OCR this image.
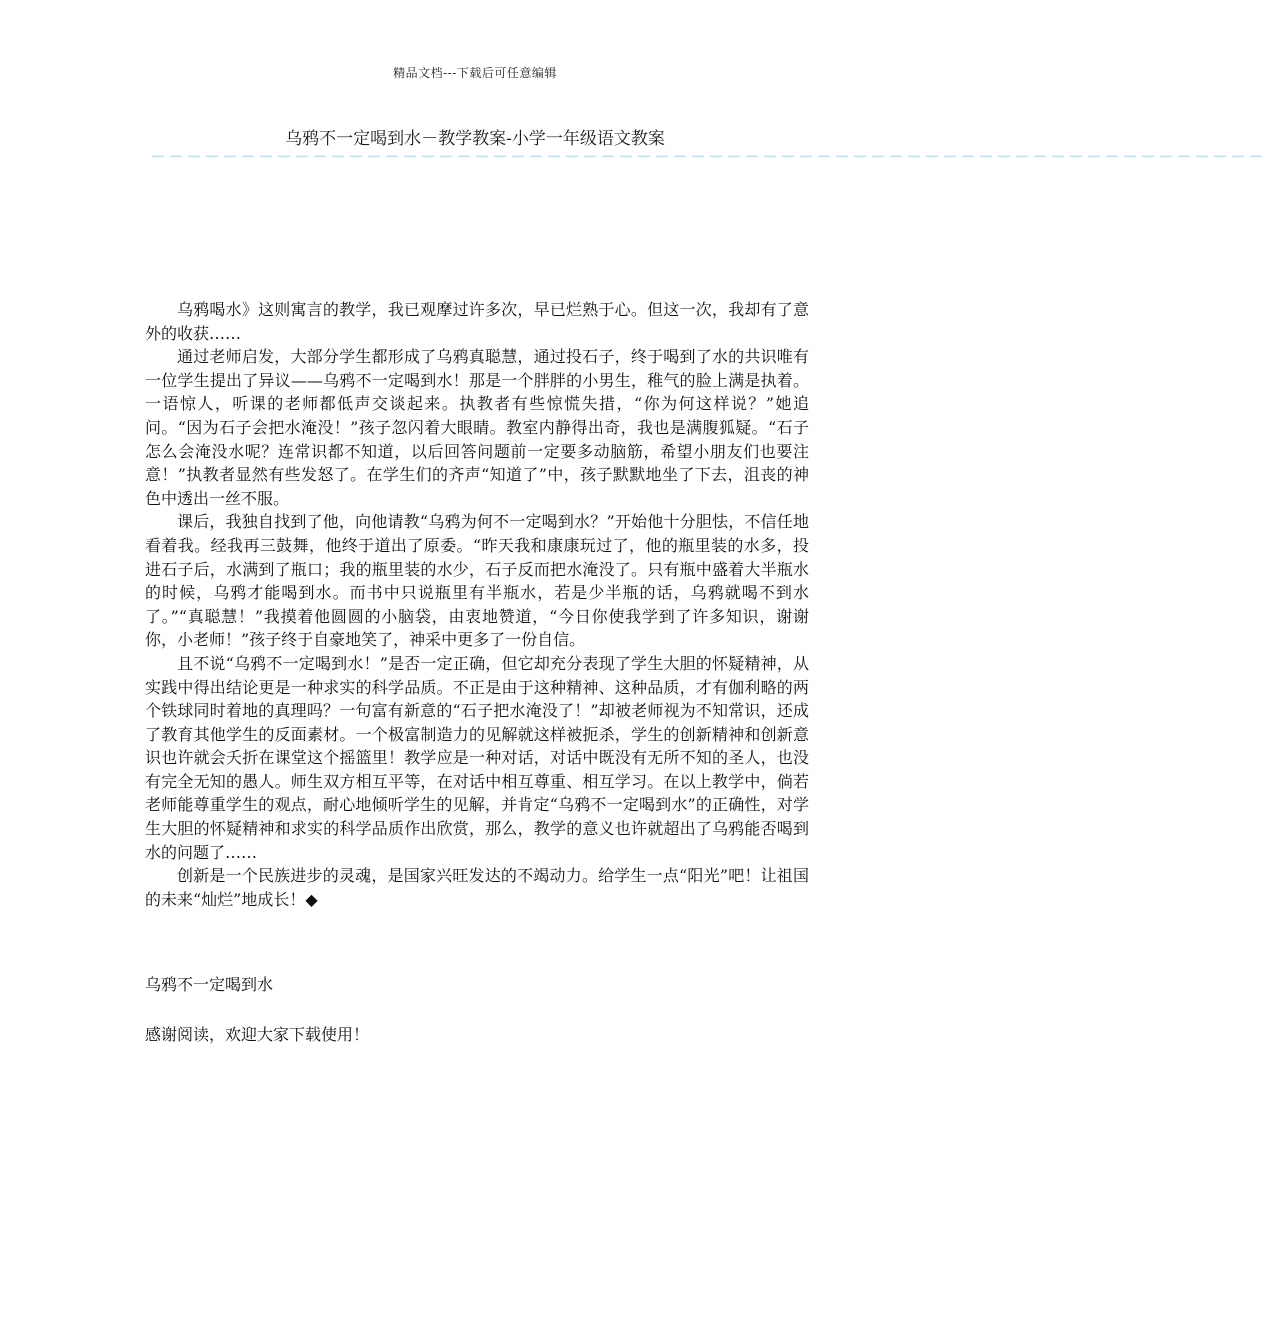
精品文档---下载后可任意编辑
乌鸦不一定喝到水－教学教案-小学一年级语文教案
－－－－－－－－－－－－－－－－－－－－－－－－－－－－－－－－－－－－－－－－－－－－－－－－－－－－－－－－－－－－－－

乌鸦喝水》这则寓言的教学，我已观摩过许多次，早已烂熟于心。但这一次，我却有了意外的收获……

通过老师启发，大部分学生都形成了乌鸦真聪慧，通过投石子，终于喝到了水的共识唯有一位学生提出了异议——乌鸦不一定喝到水！那是一个胖胖的小男生，稚气的脸上满是执着。一语惊人，听课的老师都低声交谈起来。执教者有些惊慌失措，“你为何这样说？”她追问。“因为石子会把水淹没！”孩子忽闪着大眼睛。教室内静得出奇，我也是满腹狐疑。“石子怎么会淹没水呢？连常识都不知道，以后回答问题前一定要多动脑筋，希望小朋友们也要注意！”执教者显然有些发怒了。在学生们的齐声“知道了”中，孩子默默地坐了下去，沮丧的神色中透出一丝不服。

课后，我独自找到了他，向他请教“乌鸦为何不一定喝到水？”开始他十分胆怯，不信任地看着我。经我再三鼓舞，他终于道出了原委。“昨天我和康康玩过了，他的瓶里装的水多，投进石子后，水满到了瓶口；我的瓶里装的水少，石子反而把水淹没了。只有瓶中盛着大半瓶水的时候，乌鸦才能喝到水。而书中只说瓶里有半瓶水，若是少半瓶的话，乌鸦就喝不到水了。”“真聪慧！”我摸着他圆圆的小脑袋，由衷地赞道，“今日你使我学到了许多知识，谢谢你，小老师！”孩子终于自豪地笑了，神采中更多了一份自信。

且不说“乌鸦不一定喝到水！”是否一定正确，但它却充分表现了学生大胆的怀疑精神，从实践中得出结论更是一种求实的科学品质。不正是由于这种精神、这种品质，才有伽利略的两个铁球同时着地的真理吗？一句富有新意的“石子把水淹没了！”却被老师视为不知常识，还成了教育其他学生的反面素材。一个极富制造力的见解就这样被扼杀，学生的创新精神和创新意识也许就会夭折在课堂这个摇篮里！教学应是一种对话，对话中既没有无所不知的圣人，也没有完全无知的愚人。师生双方相互平等，在对话中相互尊重、相互学习。在以上教学中，倘若老师能尊重学生的观点，耐心地倾听学生的见解，并肯定“乌鸦不一定喝到水”的正确性，对学生大胆的怀疑精神和求实的科学品质作出欣赏，那么，教学的意义也许就超出了乌鸦能否喝到水的问题了……

创新是一个民族进步的灵魂，是国家兴旺发达的不竭动力。给学生一点“阳光”吧！让祖国的未来“灿烂”地成长！◆

乌鸦不一定喝到水
感谢阅读，欢迎大家下载使用！
